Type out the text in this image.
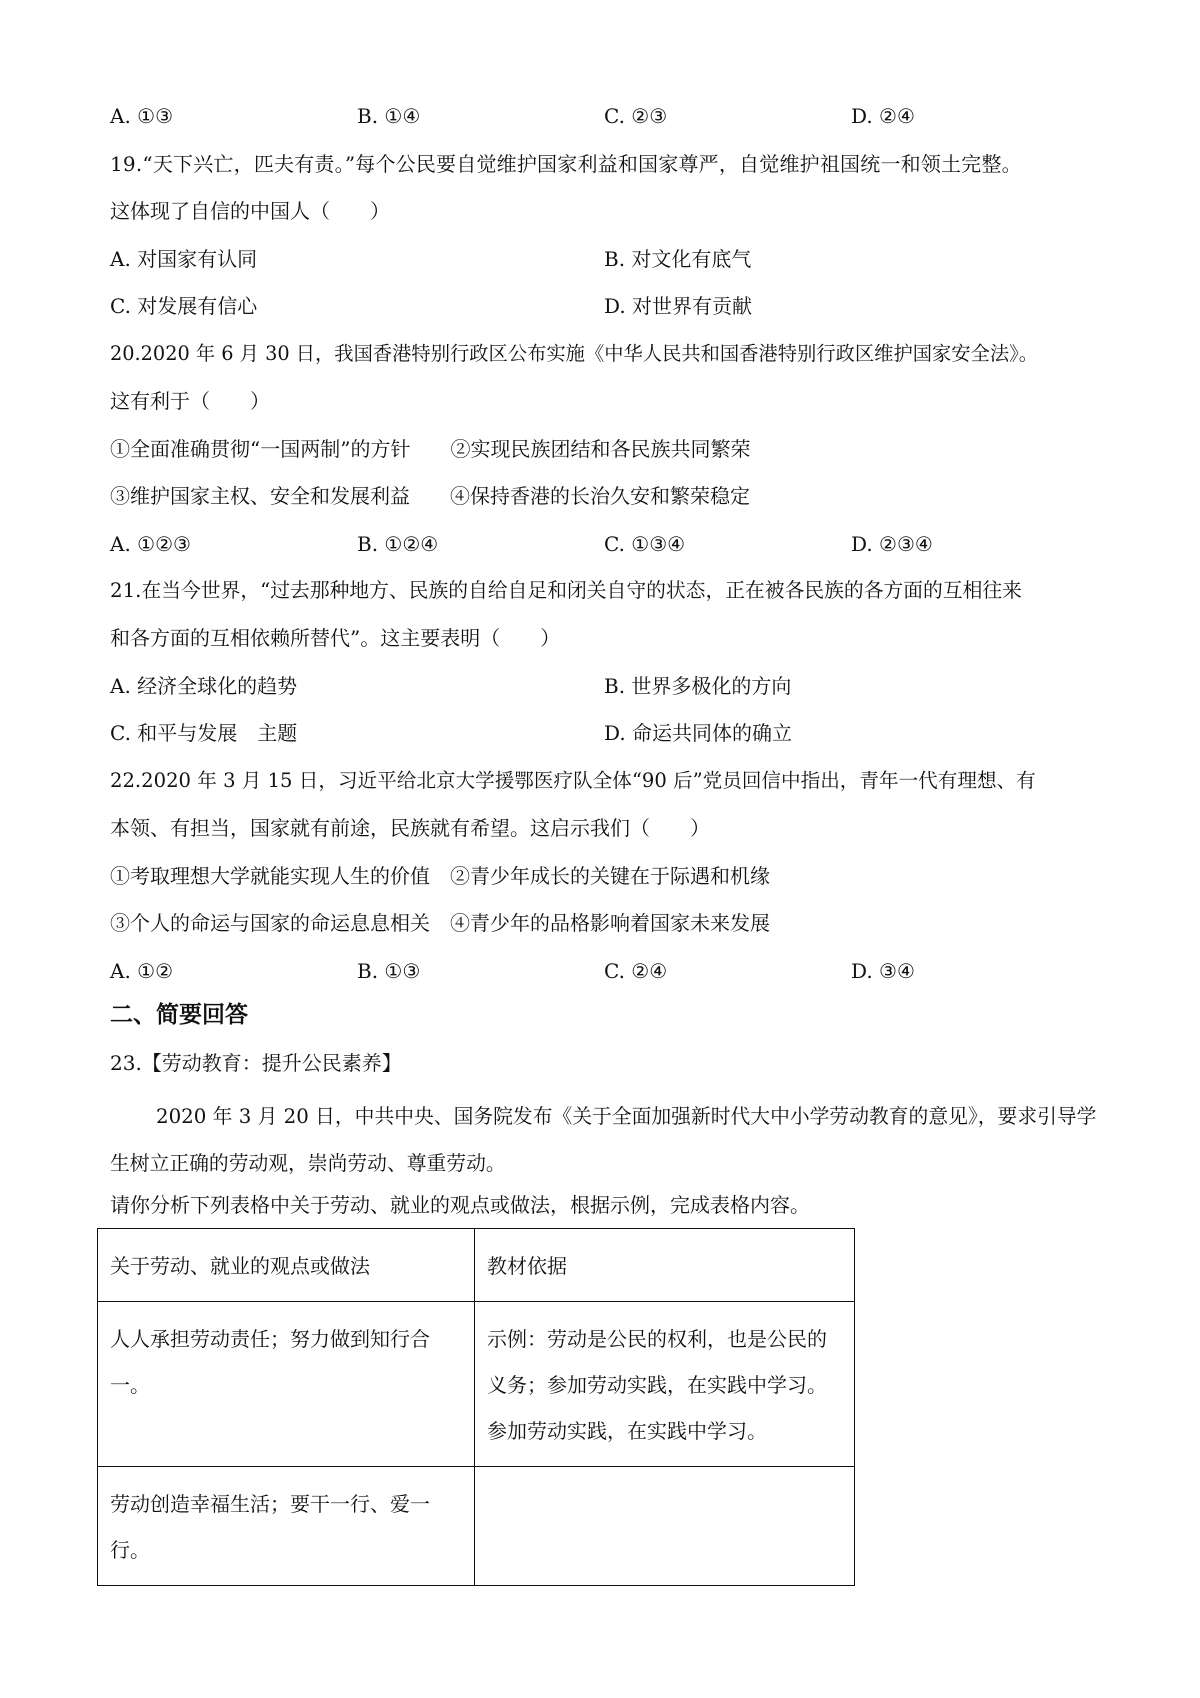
A. ①③	B. ①④	C. ②③	D. ②④
19.“天下兴亡，匹夫有责。”每个公民要自觉维护国家利益和国家尊严，自觉维护祖国统一和领土完整。
这体现了自信的中国人（　　）
A. 对国家有认同	B. 对文化有底气
C. 对发展有信心	D. 对世界有贡献
20.2020 年 6 月 30 日，我国香港特别行政区公布实施《中华人民共和国香港特别行政区维护国家安全法》。
这有利于（　　）
①全面准确贯彻“一国两制”的方针　　②实现民族团结和各民族共同繁荣
③维护国家主权、安全和发展利益　　④保持香港的长治久安和繁荣稳定
A. ①②③	B. ①②④	C. ①③④	D. ②③④
21.在当今世界，“过去那种地方、民族的自给自足和闭关自守的状态，正在被各民族的各方面的互相往来
和各方面的互相依赖所替代”。这主要表明（　　）
A. 经济全球化的趋势	B. 世界多极化的方向
C. 和平与发展　主题	D. 命运共同体的确立
22.2020 年 3 月 15 日，习近平给北京大学援鄂医疗队全体“90 后”党员回信中指出，青年一代有理想、有
本领、有担当，国家就有前途，民族就有希望。这启示我们（　　）
①考取理想大学就能实现人生的价值　②青少年成长的关键在于际遇和机缘
③个人的命运与国家的命运息息相关　④青少年的品格影响着国家未来发展
A. ①②	B. ①③	C. ②④	D. ③④
二、简要回答
23.【劳动教育：提升公民素养】
2020 年 3 月 20 日，中共中央、国务院发布《关于全面加强新时代大中小学劳动教育的意见》，要求引导学生树立正确的劳动观，崇尚劳动、尊重劳动。
请你分析下列表格中关于劳动、就业的观点或做法，根据示例，完成表格内容。
关于劳动、就业的观点或做法	教材依据

人人承担劳动责任；努力做到知行合一。	示例：劳动是公民的权利，也是公民的义务；参加劳动实践，在实践中学习。参加劳动实践，在实践中学习。

劳动创造幸福生活；要干一行、爱一行。	
